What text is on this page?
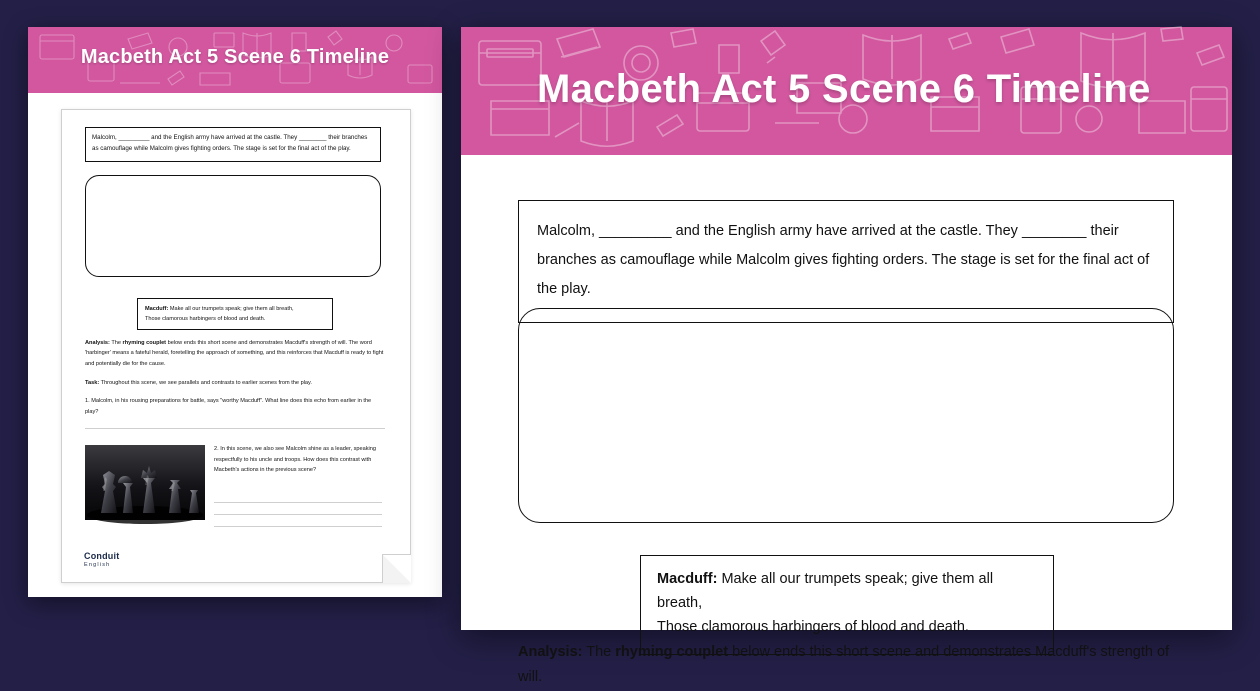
Macbeth Act 5 Scene 6 Timeline
Malcolm, _________ and the English army have arrived at the castle. They ________ their branches as camouflage while Malcolm gives fighting orders. The stage is set for the final act of the play.
Macduff: Make all our trumpets speak; give them all breath,
Those clamorous harbingers of blood and death.
Analysis: The rhyming couplet below ends this short scene and demonstrates Macduff's strength of will. The word 'harbinger' means a fateful herald, foretelling the approach of something, and this reinforces that Macduff is ready to fight and potentially die for the cause.
Task: Throughout this scene, we see parallels and contrasts to earlier scenes from the play.
1. Malcolm, in his rousing preparations for battle, says "worthy Macduff". What line does this echo from earlier in the play?
2. In this scene, we also see Malcolm shine as a leader, speaking respectfully to his uncle and troops. How does this contrast with Macbeth's actions in the previous scene?
Conduit
English
Macbeth Act 5 Scene 6 Timeline
Malcolm, _________ and the English army have arrived at the castle. They ________ their branches as camouflage while Malcolm gives fighting orders. The stage is set for the final act of the play.
Macduff: Make all our trumpets speak; give them all breath,
Those clamorous harbingers of blood and death.
Analysis: The rhyming couplet below ends this short scene and demonstrates Macduff's strength of will.
